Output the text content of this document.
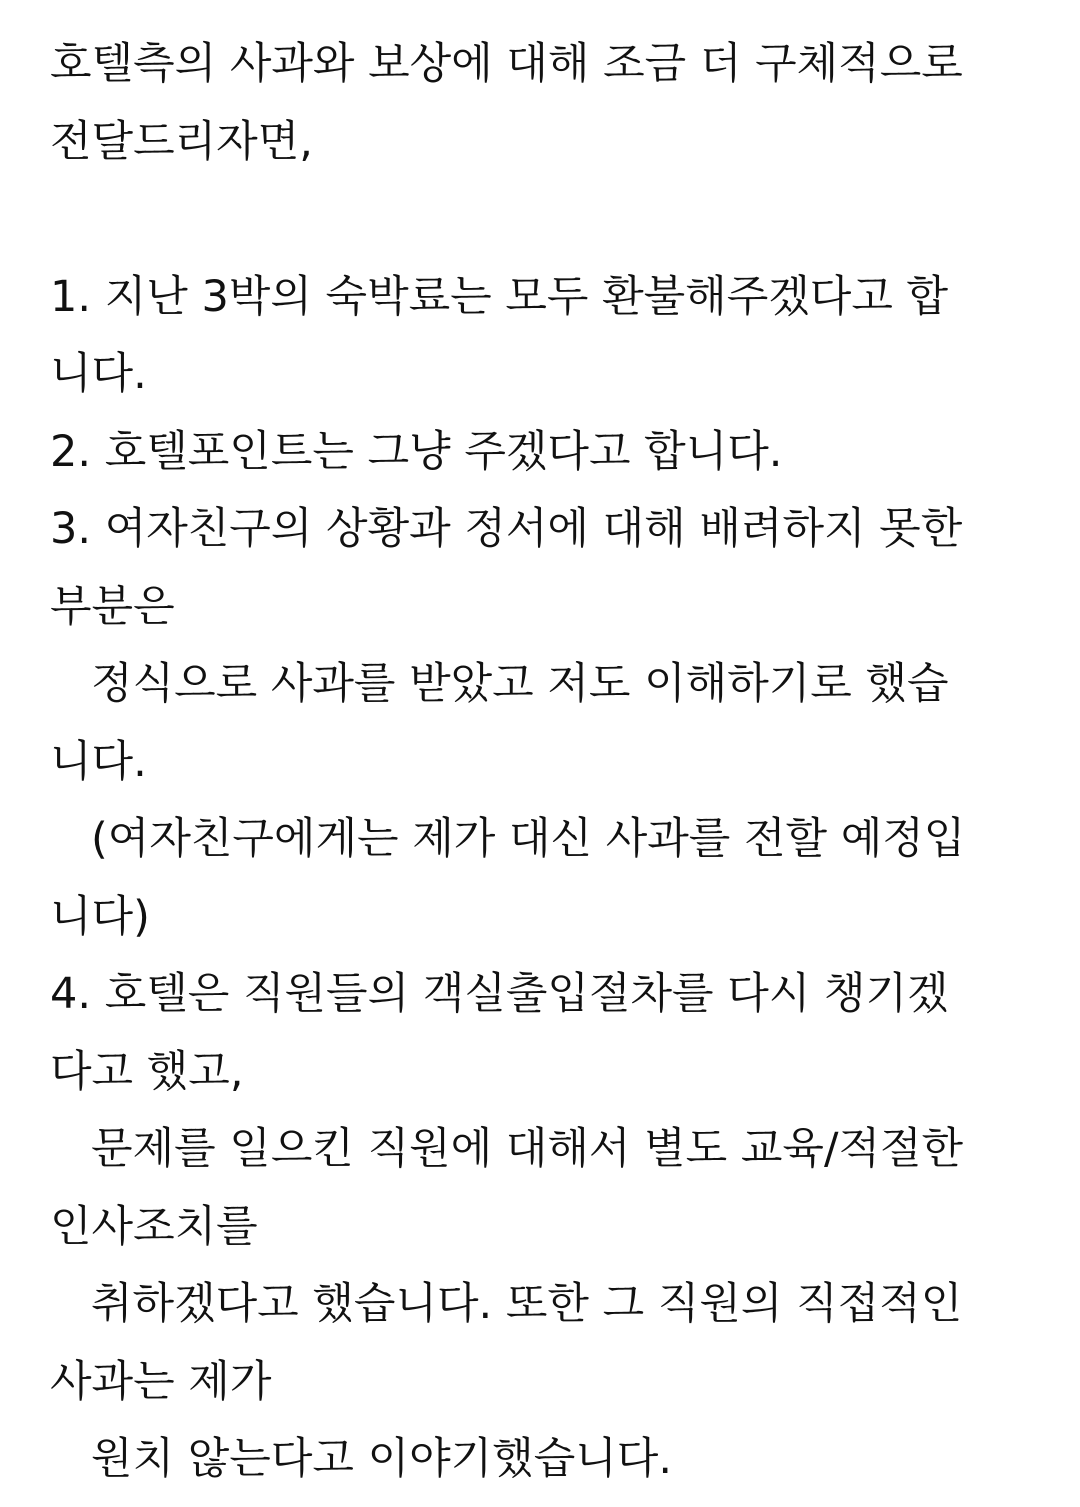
호텔측의 사과와 보상에 대해 조금 더 구체적으로
전달드리자면,
1. 지난 3박의 숙박료는 모두 환불해주겠다고 합
니다.
2. 호텔포인트는 그냥 주겠다고 합니다.
3. 여자친구의 상황과 정서에 대해 배려하지 못한
부분은
정식으로 사과를 받았고 저도 이해하기로 했습
니다.
(여자친구에게는 제가 대신 사과를 전할 예정입
니다)
4. 호텔은 직원들의 객실출입절차를 다시 챙기겠
다고 했고,
문제를 일으킨 직원에 대해서 별도 교육/적절한
인사조치를
취하겠다고 했습니다. 또한 그 직원의 직접적인
사과는 제가
원치 않는다고 이야기했습니다.
